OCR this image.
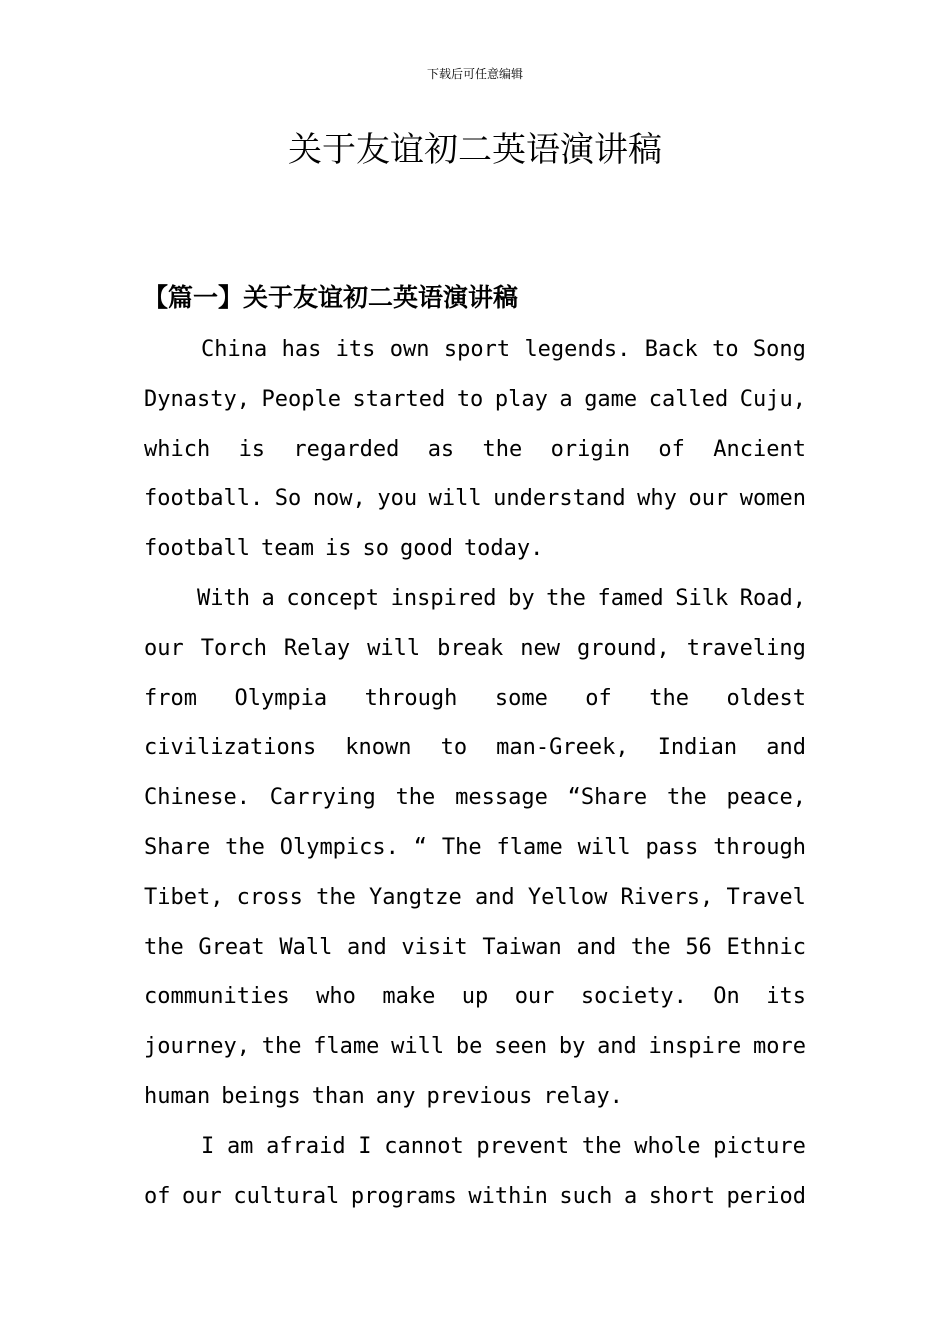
下载后可任意编辑
关于友谊初二英语演讲稿
【篇一】关于友谊初二英语演讲稿
China has its own sport legends. Back to Song
Dynasty, People started to play a game called Cuju,
which is regarded as the origin of Ancient
football. So now, you will understand why our women
football team is so good today.
With a concept inspired by the famed Silk Road,
our Torch Relay will break new ground, traveling
from Olympia through some of the oldest
civilizations known to man-Greek, Indian and
Chinese. Carrying the message “Share the peace,
Share the Olympics. “ The flame will pass through
Tibet, cross the Yangtze and Yellow Rivers, Travel
the Great Wall and visit Taiwan and the 56 Ethnic
communities who make up our society. On its
journey, the flame will be seen by and inspire more
human beings than any previous relay.
I am afraid I cannot prevent the whole picture
of our cultural programs within such a short period
